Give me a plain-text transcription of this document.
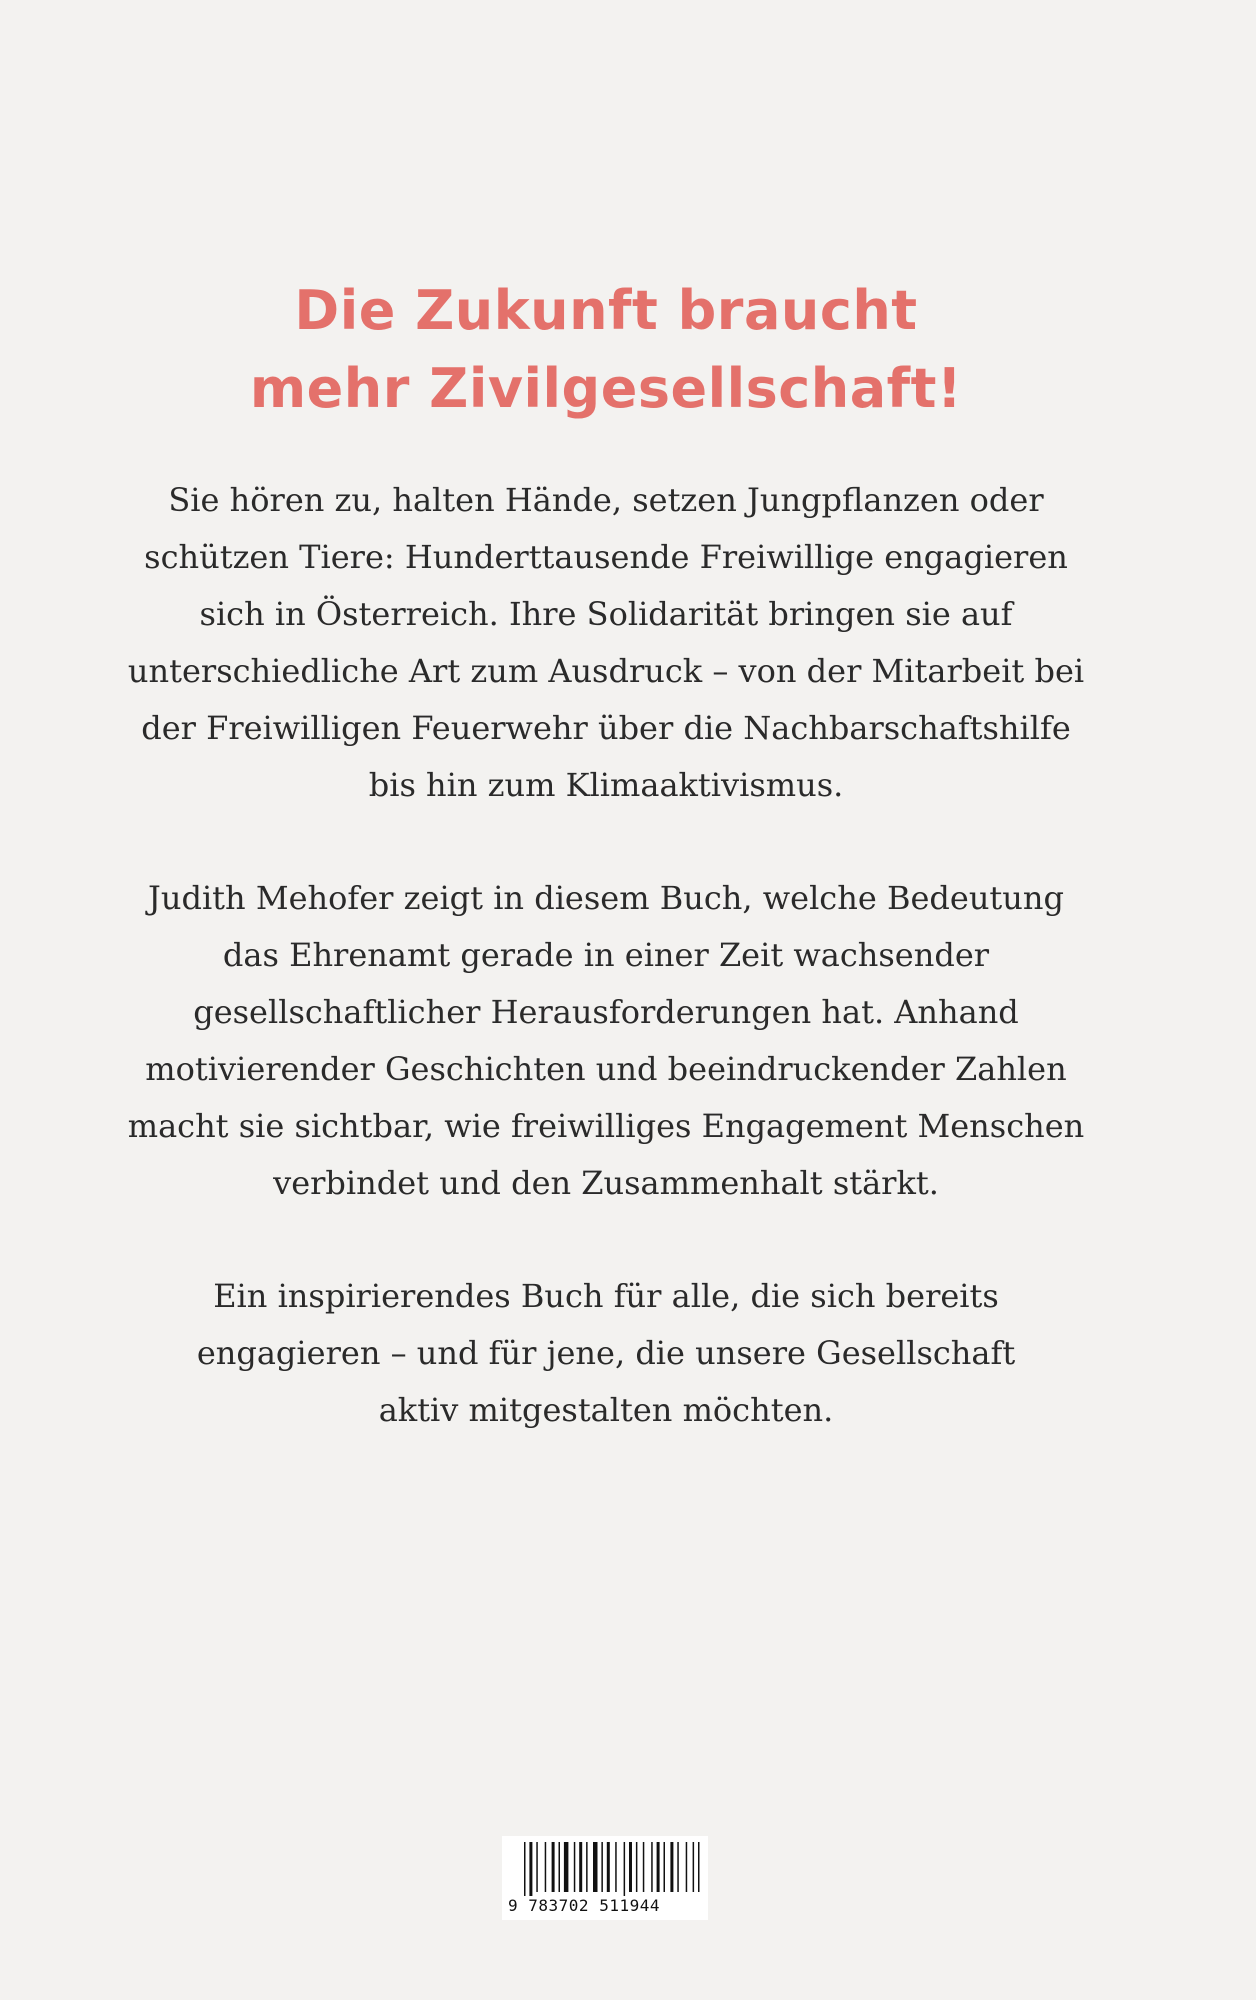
Die Zukunft braucht
mehr Zivilgesellschaft!

Sie hören zu, halten Hände, setzen Jungpflanzen oder
schützen Tiere: Hunderttausende Freiwillige engagieren
sich in Österreich. Ihre Solidarität bringen sie auf
unterschiedliche Art zum Ausdruck – von der Mitarbeit bei
der Freiwilligen Feuerwehr über die Nachbarschaftshilfe
bis hin zum Klimaaktivismus.

Judith Mehofer zeigt in diesem Buch, welche Bedeutung
das Ehrenamt gerade in einer Zeit wachsender
gesellschaftlicher Herausforderungen hat. Anhand
motivierender Geschichten und beeindruckender Zahlen
macht sie sichtbar, wie freiwilliges Engagement Menschen
verbindet und den Zusammenhalt stärkt.

Ein inspirierendes Buch für alle, die sich bereits
engagieren – und für jene, die unsere Gesellschaft
aktiv mitgestalten möchten.

9 783702 511944
